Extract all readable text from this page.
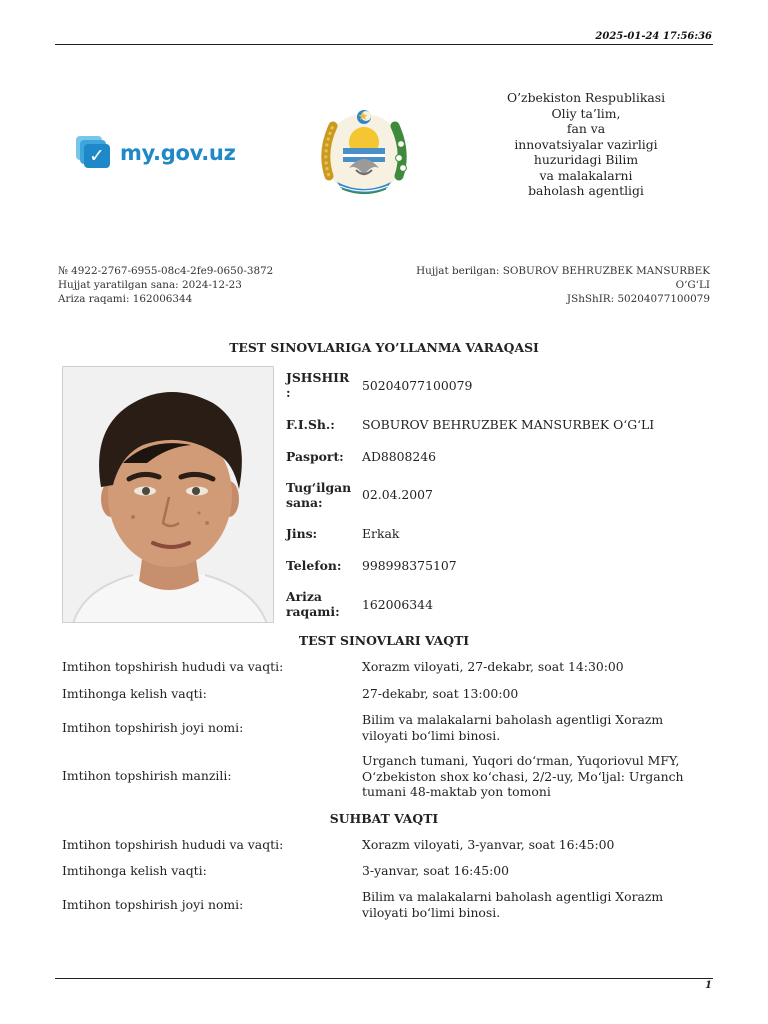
2025-01-24 17:56:36
✓ my.gov.uz
O’zbekiston Respublikasi
Oliy ta’lim,
fan va
innovatsiyalar vazirligi
huzuridagi Bilim
va malakalarni
baholash agentligi
№ 4922-2767-6955-08c4-2fe9-0650-3872
Hujjat yaratilgan sana: 2024-12-23
Ariza raqami: 162006344
Hujjat berilgan: SOBUROV BEHRUZBEK MANSURBEK
O‘G‘LI
JShShIR: 50204077100079
TEST SINOVLARIGA YO’LLANMA VARAQASI
JSHSHIR
:	50204077100079
F.I.Sh.:	SOBUROV BEHRUZBEK MANSURBEK O‘G‘LI
Pasport:	AD8808246
Tug‘ilgan sana:
02.04.2007
Jins:	Erkak
Telefon:	998998375107
Ariza raqami:	162006344
TEST SINOVLARI VAQTI
Imtihon topshirish hududi va vaqti:	Xorazm viloyati, 27-dekabr, soat 14:30:00
Imtihonga kelish vaqti:	27-dekabr, soat 13:00:00
Imtihon topshirish joyi nomi:
Bilim va malakalarni baholash agentligi Xorazm viloyati bo‘limi binosi.
Imtihon topshirish manzili:
Urganch tumani, Yuqori do‘rman, Yuqoriovul MFY, O‘zbekiston shox ko‘chasi, 2/2-uy, Mo‘ljal: Urganch tumani 48-maktab yon tomoni
SUHBAT VAQTI
Imtihon topshirish hududi va vaqti:	Xorazm viloyati, 3-yanvar, soat 16:45:00
Imtihonga kelish vaqti:	3-yanvar, soat 16:45:00
Imtihon topshirish joyi nomi:
Bilim va malakalarni baholash agentligi Xorazm viloyati bo‘limi binosi.
1
